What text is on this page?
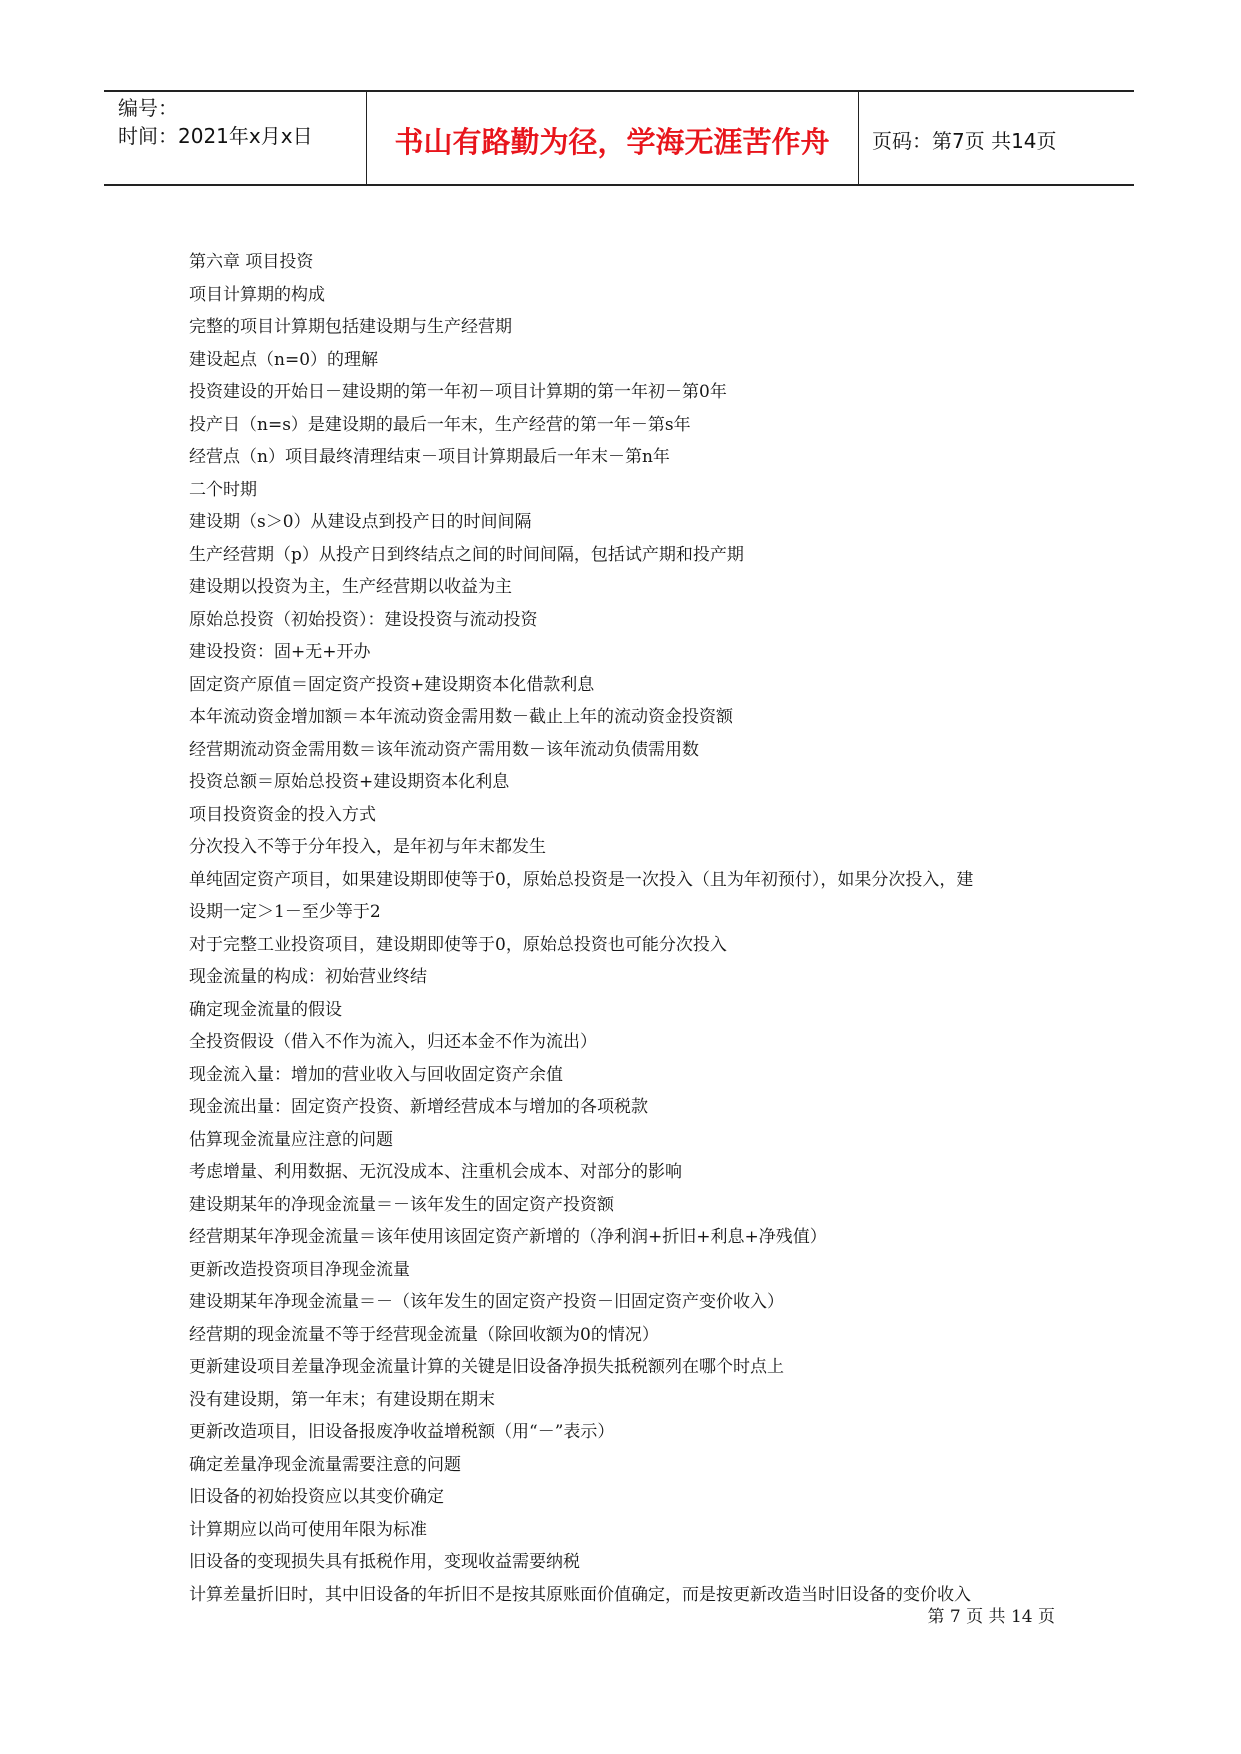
编号：
时间：2021年x月x日	书山有路勤为径，学海无涯苦作舟	页码：第7页 共14页
第六章 项目投资
项目计算期的构成
完整的项目计算期包括建设期与生产经营期
建设起点（n=0）的理解
投资建设的开始日－建设期的第一年初－项目计算期的第一年初－第0年
投产日（n=s）是建设期的最后一年末，生产经营的第一年－第s年
经营点（n）项目最终清理结束－项目计算期最后一年末－第n年
二个时期
建设期（s＞0）从建设点到投产日的时间间隔
生产经营期（p）从投产日到终结点之间的时间间隔，包括试产期和投产期
建设期以投资为主，生产经营期以收益为主
原始总投资（初始投资）：建设投资与流动投资
建设投资：固+无+开办
固定资产原值＝固定资产投资+建设期资本化借款利息
本年流动资金增加额＝本年流动资金需用数－截止上年的流动资金投资额
经营期流动资金需用数＝该年流动资产需用数－该年流动负债需用数
投资总额＝原始总投资+建设期资本化利息
项目投资资金的投入方式
分次投入不等于分年投入，是年初与年末都发生
单纯固定资产项目，如果建设期即使等于0，原始总投资是一次投入（且为年初预付），如果分次投入，建
设期一定＞1－至少等于2
对于完整工业投资项目，建设期即使等于0，原始总投资也可能分次投入
现金流量的构成：初始营业终结
确定现金流量的假设
全投资假设（借入不作为流入，归还本金不作为流出）
现金流入量：增加的营业收入与回收固定资产余值
现金流出量：固定资产投资、新增经营成本与增加的各项税款
估算现金流量应注意的问题
考虑增量、利用数据、无沉没成本、注重机会成本、对部分的影响
建设期某年的净现金流量＝－该年发生的固定资产投资额
经营期某年净现金流量＝该年使用该固定资产新增的（净利润+折旧+利息+净残值）
更新改造投资项目净现金流量
建设期某年净现金流量＝－（该年发生的固定资产投资－旧固定资产变价收入）
经营期的现金流量不等于经营现金流量（除回收额为0的情况）
更新建设项目差量净现金流量计算的关键是旧设备净损失抵税额列在哪个时点上
没有建设期，第一年末；有建设期在期末
更新改造项目，旧设备报废净收益增税额（用“－”表示）
确定差量净现金流量需要注意的问题
旧设备的初始投资应以其变价确定
计算期应以尚可使用年限为标准
旧设备的变现损失具有抵税作用，变现收益需要纳税
计算差量折旧时，其中旧设备的年折旧不是按其原账面价值确定，而是按更新改造当时旧设备的变价收入
第 7 页 共 14 页
